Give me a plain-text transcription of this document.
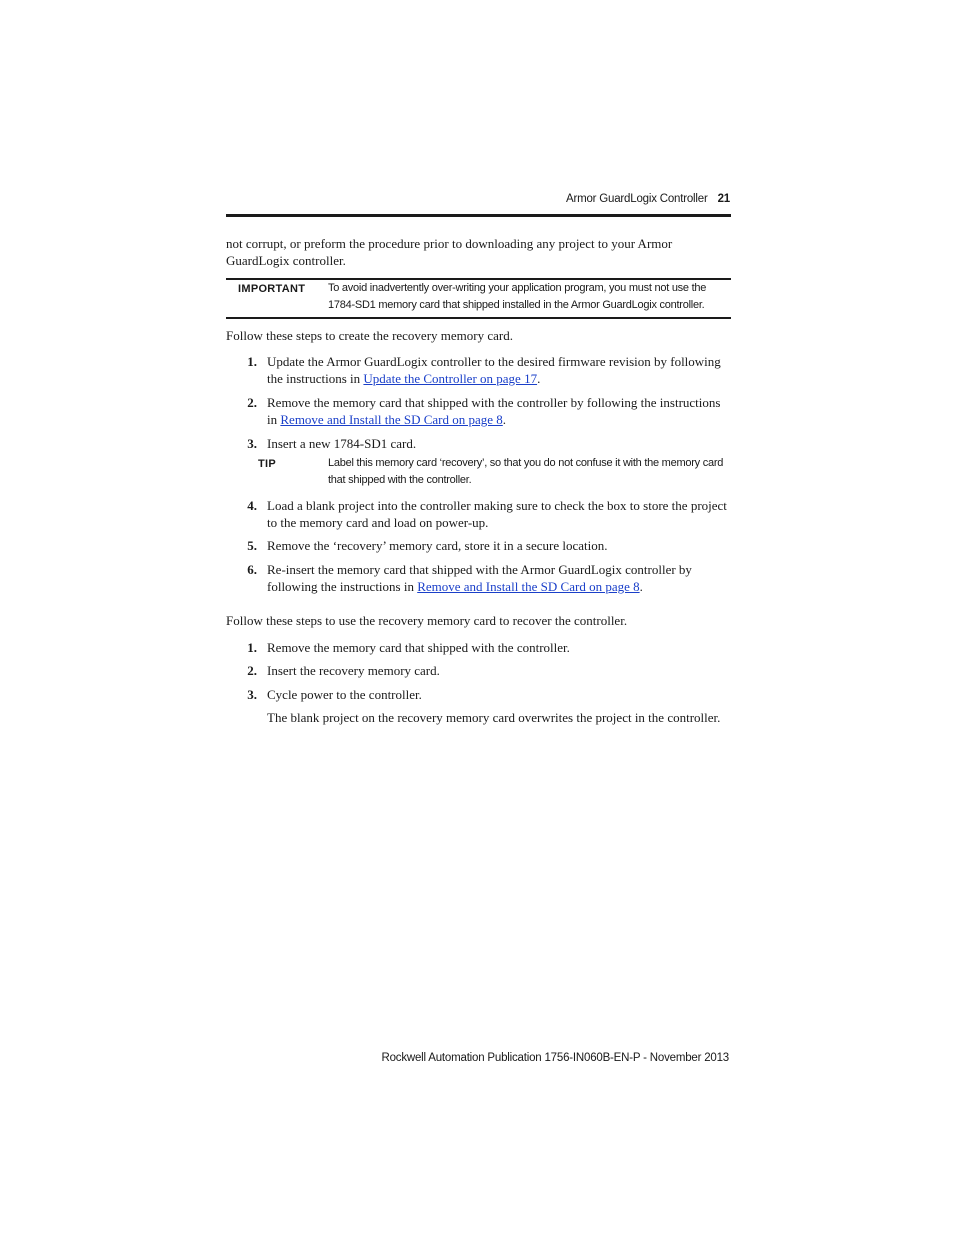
Armor GuardLogix Controller 21
not corrupt, or preform the procedure prior to downloading any project to your Armor GuardLogix controller.
IMPORTANT To avoid inadvertently over-writing your application program, you must not use the 1784-SD1 memory card that shipped installed in the Armor GuardLogix controller.
Follow these steps to create the recovery memory card.
1. Update the Armor GuardLogix controller to the desired firmware revision by following the instructions in Update the Controller on page 17.
2. Remove the memory card that shipped with the controller by following the instructions in Remove and Install the SD Card on page 8.
3. Insert a new 1784-SD1 card.
TIP	Label this memory card ‘recovery’, so that you do not confuse it with the memory card that shipped with the controller.
4. Load a blank project into the controller making sure to check the box to store the project to the memory card and load on power-up.
5. Remove the ‘recovery’ memory card, store it in a secure location.
6. Re-insert the memory card that shipped with the Armor GuardLogix controller by following the instructions in Remove and Install the SD Card on page 8.
Follow these steps to use the recovery memory card to recover the controller.
1. Remove the memory card that shipped with the controller.
2. Insert the recovery memory card.
3. Cycle power to the controller.
The blank project on the recovery memory card overwrites the project in the controller.
Rockwell Automation Publication 1756-IN060B-EN-P - November 2013
